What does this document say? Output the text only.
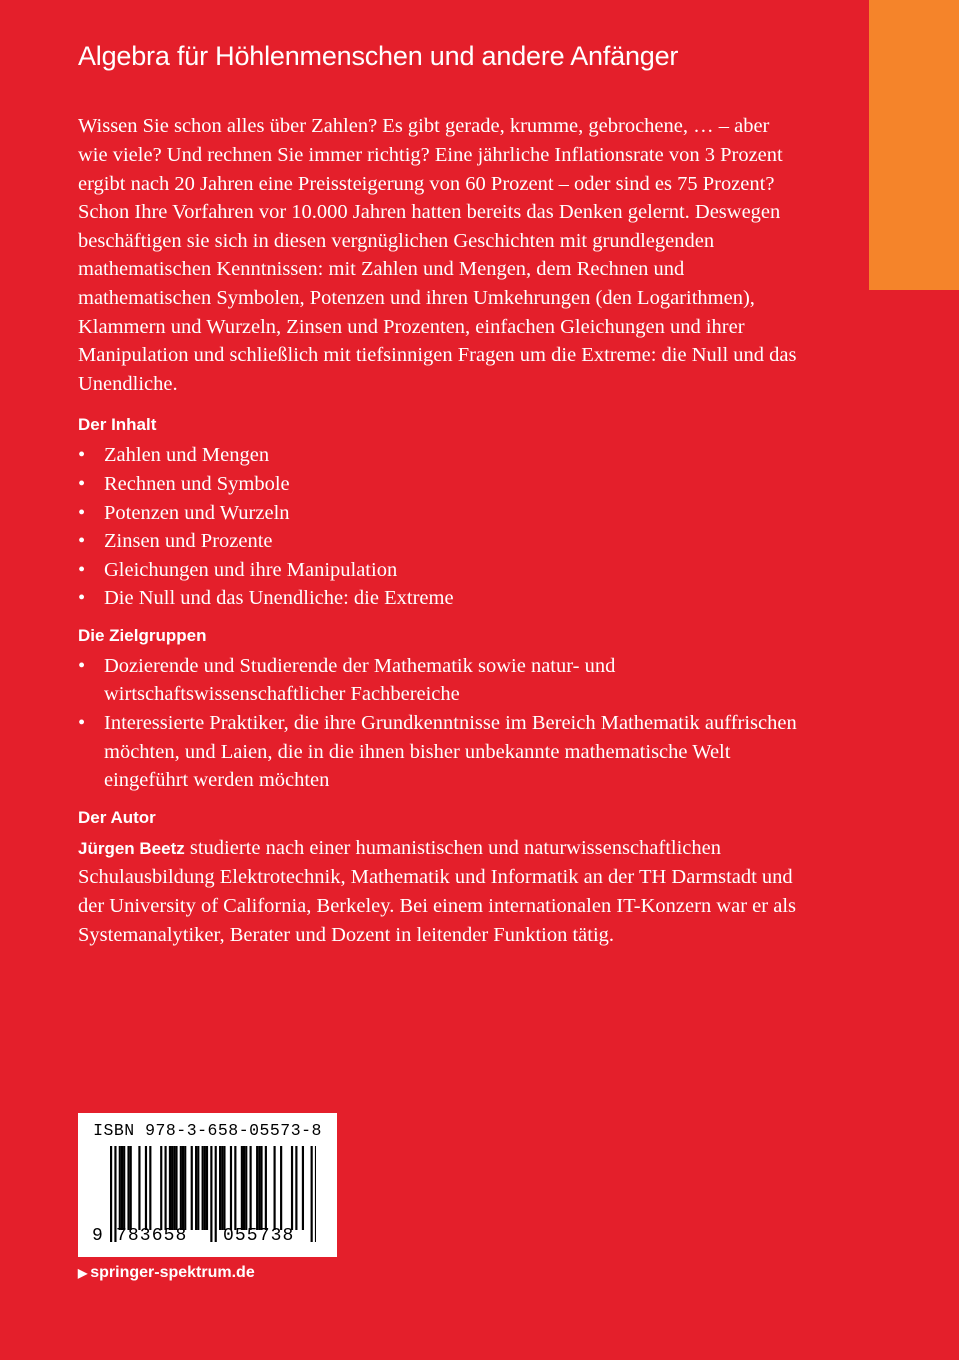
Algebra für Höhlenmenschen und andere Anfänger

Wissen Sie schon alles über Zahlen? Es gibt gerade, krumme, gebrochene, … – aber wie viele? Und rechnen Sie immer richtig? Eine jährliche Inflationsrate von 3 Prozent ergibt nach 20 Jahren eine Preissteigerung von 60 Prozent – oder sind es 75 Prozent? Schon Ihre Vorfahren vor 10.000 Jahren hatten bereits das Denken gelernt. Deswegen beschäftigen sie sich in diesen vergnüglichen Geschichten mit grundlegenden mathematischen Kenntnissen: mit Zahlen und Mengen, dem Rechnen und mathematischen Symbolen, Potenzen und ihren Umkehrungen (den Logarithmen), Klammern und Wurzeln, Zinsen und Prozenten, einfachen Gleichungen und ihrer Manipulation und schließlich mit tiefsinnigen Fragen um die Extreme: die Null und das Unendliche.

Der Inhalt
• Zahlen und Mengen
• Rechnen und Symbole
• Potenzen und Wurzeln
• Zinsen und Prozente
• Gleichungen und ihre Manipulation
• Die Null und das Unendliche: die Extreme
Die Zielgruppen
• Dozierende und Studierende der Mathematik sowie natur- und wirtschaftswissenschaftlicher Fachbereiche
• Interessierte Praktiker, die ihre Grundkenntnisse im Bereich Mathematik auffrischen möchten, und Laien, die in die ihnen bisher unbekannte mathematische Welt eingeführt werden möchten
Der Autor

Jürgen Beetz studierte nach einer humanistischen und naturwissenschaftlichen Schulausbildung Elektrotechnik, Mathematik und Informatik an der TH Darmstadt und der University of California, Berkeley. Bei einem internationalen IT-Konzern war er als Systemanalytiker, Berater und Dozent in leitender Funktion tätig.

ISBN 978-3-658-05573-8
9 783658 055738
▶ springer-spektrum.de
